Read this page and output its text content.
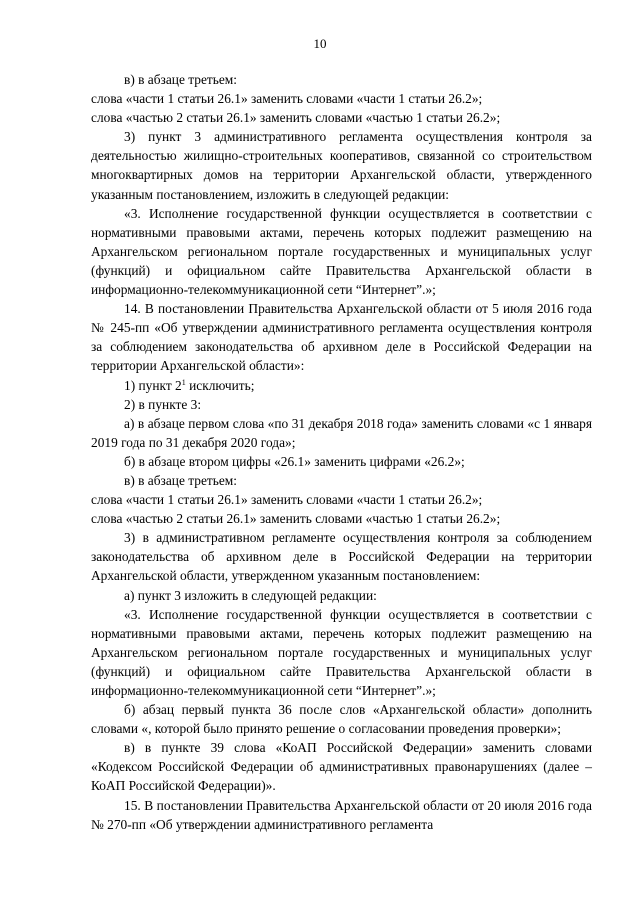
10

в) в абзаце третьем:

слова «части 1 статьи 26.1» заменить словами «части 1 статьи 26.2»;

слова «частью 2 статьи 26.1» заменить словами «частью 1 статьи 26.2»;

3) пункт 3 административного регламента осуществления контроля за деятельностью жилищно-строительных кооперативов, связанной со строительством многоквартирных домов на территории Архангельской области, утвержденного указанным постановлением, изложить в следующей редакции:

«3. Исполнение государственной функции осуществляется в соответствии с нормативными правовыми актами, перечень которых подлежит размещению на Архангельском региональном портале государственных и муниципальных услуг (функций) и официальном сайте Правительства Архангельской области в информационно-телекоммуникационной сети “Интернет”.»;

14. В постановлении Правительства Архангельской области от 5 июля 2016 года № 245-пп «Об утверждении административного регламента осуществления контроля за соблюдением законодательства об архивном деле в Российской Федерации на территории Архангельской области»:

1) пункт $2^1$ исключить;

2) в пункте 3:

а) в абзаце первом слова «по 31 декабря 2018 года» заменить словами «с 1 января 2019 года по 31 декабря 2020 года»;

б) в абзаце втором цифры «26.1» заменить цифрами «26.2»;

в) в абзаце третьем:

слова «части 1 статьи 26.1» заменить словами «части 1 статьи 26.2»;

слова «частью 2 статьи 26.1» заменить словами «частью 1 статьи 26.2»;

3) в административном регламенте осуществления контроля за соблюдением законодательства об архивном деле в Российской Федерации на территории Архангельской области, утвержденном указанным постановлением:

а) пункт 3 изложить в следующей редакции:

«3. Исполнение государственной функции осуществляется в соответствии с нормативными правовыми актами, перечень которых подлежит размещению на Архангельском региональном портале государственных и муниципальных услуг (функций) и официальном сайте Правительства Архангельской области в информационно-телекоммуникационной сети “Интернет”.»;

б) абзац первый пункта 36 после слов «Архангельской области» дополнить словами «, которой было принято решение о согласовании проведения проверки»;

в) в пункте 39 слова «КоАП Российской Федерации» заменить словами «Кодексом Российской Федерации об административных правонарушениях (далее – КоАП Российской Федерации)».

15. В постановлении Правительства Архангельской области от 20 июля 2016 года № 270-пп «Об утверждении административного регламента
